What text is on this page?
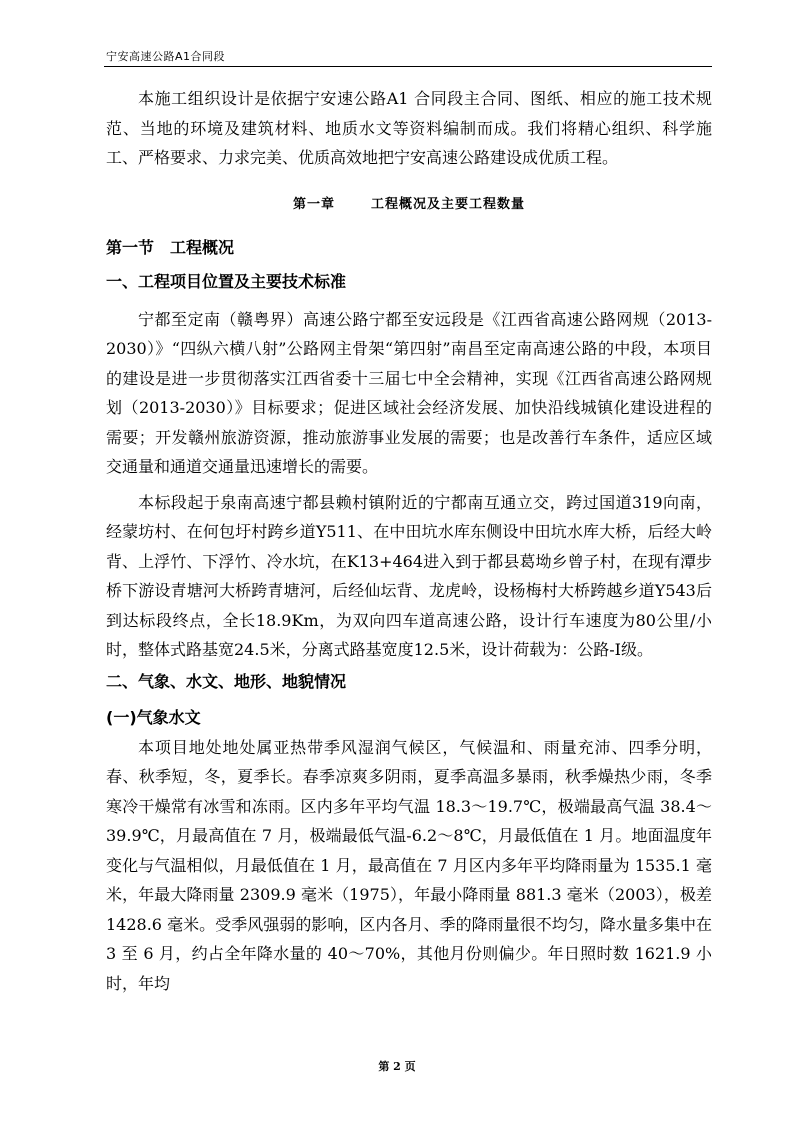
宁安高速公路A1合同段

本施工组织设计是依据宁安速公路A1 合同段主合同、图纸、相应的施工技术规范、当地的环境及建筑材料、地质水文等资料编制而成。我们将精心组织、科学施工、严格要求、力求完美、优质高效地把宁安高速公路建设成优质工程。

第一章	工程概况及主要工程数量
第一节 工程概况
一、工程项目位置及主要技术标准

宁都至定南（赣粤界）高速公路宁都至安远段是《江西省高速公路网规（2013-2030）》“四纵六横八射”公路网主骨架“第四射”南昌至定南高速公路的中段，本项目的建设是进一步贯彻落实江西省委十三届七中全会精神，实现《江西省高速公路网规划（2013-2030）》目标要求；促进区域社会经济发展、加快沿线城镇化建设进程的需要；开发赣州旅游资源，推动旅游事业发展的需要；也是改善行车条件，适应区域交通量和通道交通量迅速增长的需要。

本标段起于泉南高速宁都县赖村镇附近的宁都南互通立交，跨过国道319向南，经蒙坊村、在何包圩村跨乡道Y511、在中田坑水库东侧设中田坑水库大桥，后经大岭背、上浮竹、下浮竹、冷水坑，在K13+464进入到于都县葛坳乡曾子村，在现有潭步桥下游设青塘河大桥跨青塘河，后经仙坛背、龙虎岭，设杨梅村大桥跨越乡道Y543后到达标段终点，全长18.9Km，为双向四车道高速公路，设计行车速度为80公里/小时，整体式路基宽24.5米，分离式路基宽度12.5米，设计荷载为：公路-Ⅰ级。

二、气象、水文、地形、地貌情况
(一)气象水文

本项目地处地处属亚热带季风湿润气候区，气候温和、雨量充沛、四季分明，春、秋季短，冬，夏季长。春季凉爽多阴雨，夏季高温多暴雨，秋季燥热少雨，冬季寒冷干燥常有冰雪和冻雨。区内多年平均气温 18.3～19.7℃，极端最高气温 38.4～39.9℃，月最高值在 7 月，极端最低气温-6.2～8℃，月最低值在 1 月。地面温度年变化与气温相似，月最低值在 1 月，最高值在 7 月区内多年平均降雨量为 1535.1 毫米，年最大降雨量 2309.9 毫米（1975），年最小降雨量 881.3 毫米（2003），极差 1428.6 毫米。受季风强弱的影响，区内各月、季的降雨量很不均匀，降水量多集中在 3 至 6 月，约占全年降水量的 40～70%，其他月份则偏少。年日照时数 1621.9 小时，年均

第 2 页
